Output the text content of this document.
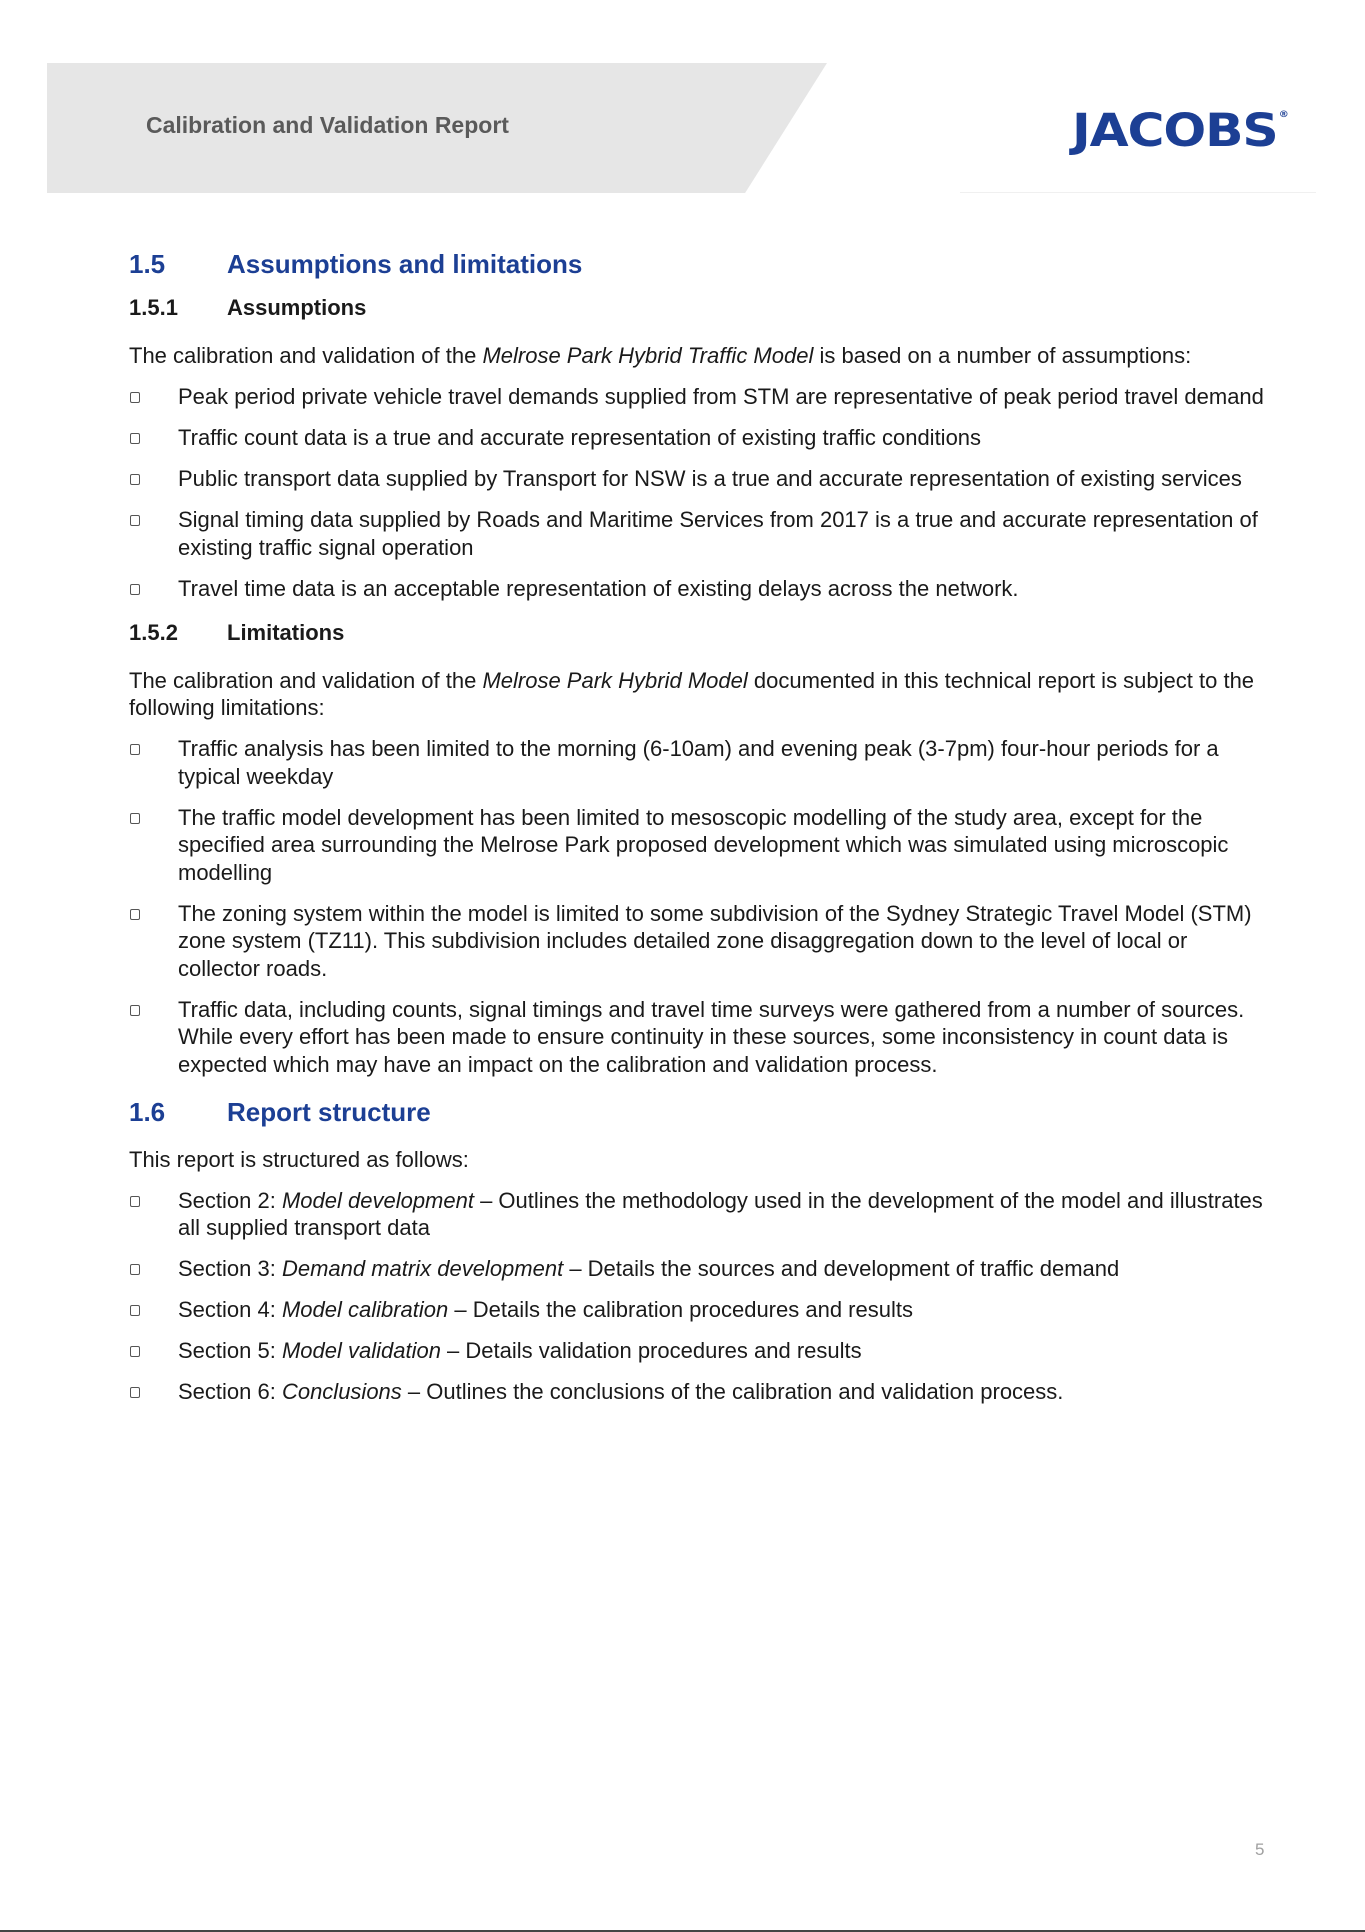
Calibration and Validation Report	JACOBS®
1.5	Assumptions and limitations
1.5.1	Assumptions

The calibration and validation of the Melrose Park Hybrid Traffic Model is based on a number of assumptions:

Peak period private vehicle travel demands supplied from STM are representative of peak period travel demand
Traffic count data is a true and accurate representation of existing traffic conditions
Public transport data supplied by Transport for NSW is a true and accurate representation of existing services
Signal timing data supplied by Roads and Maritime Services from 2017 is a true and accurate representation of existing traffic signal operation
Travel time data is an acceptable representation of existing delays across the network.
1.5.2	Limitations

The calibration and validation of the Melrose Park Hybrid Model documented in this technical report is subject to the following limitations:

Traffic analysis has been limited to the morning (6-10am) and evening peak (3-7pm) four-hour periods for a typical weekday
The traffic model development has been limited to mesoscopic modelling of the study area, except for the specified area surrounding the Melrose Park proposed development which was simulated using microscopic modelling
The zoning system within the model is limited to some subdivision of the Sydney Strategic Travel Model (STM) zone system (TZ11). This subdivision includes detailed zone disaggregation down to the level of local or collector roads.
Traffic data, including counts, signal timings and travel time surveys were gathered from a number of sources. While every effort has been made to ensure continuity in these sources, some inconsistency in count data is expected which may have an impact on the calibration and validation process.
1.6	Report structure

This report is structured as follows:

Section 2: Model development – Outlines the methodology used in the development of the model and illustrates all supplied transport data
Section 3: Demand matrix development – Details the sources and development of traffic demand
Section 4: Model calibration – Details the calibration procedures and results
Section 5: Model validation – Details validation procedures and results
Section 6: Conclusions – Outlines the conclusions of the calibration and validation process.
5
